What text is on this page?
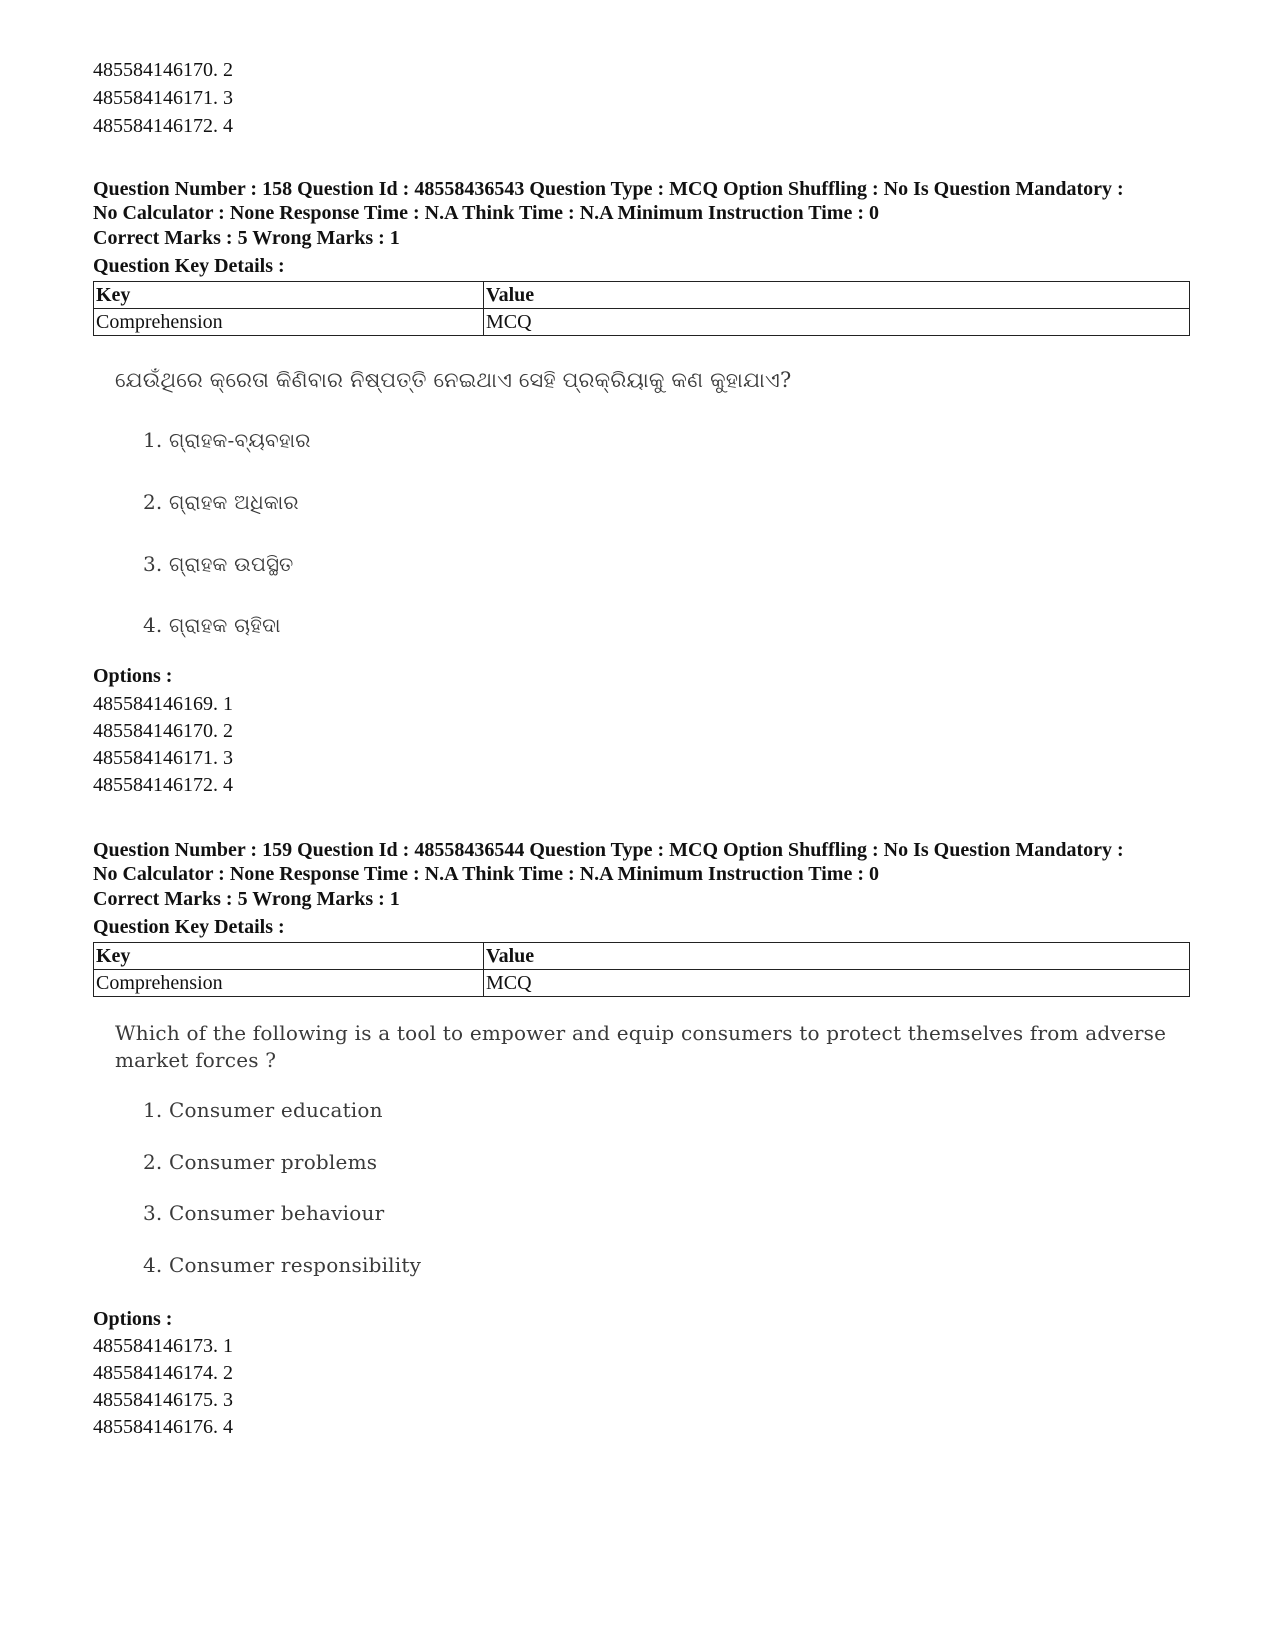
485584146170. 2
485584146171. 3
485584146172. 4
Question Number : 158 Question Id : 48558436543 Question Type : MCQ Option Shuffling : No Is Question Mandatory :
No Calculator : None Response Time : N.A Think Time : N.A Minimum Instruction Time : 0
Correct Marks : 5 Wrong Marks : 1
Question Key Details :
Key	Value
Comprehension	MCQ
ଯେଉଁଥିରେ କ୍ରେତା କିଣିବାର ନିଷ୍ପତ୍ତି ନେଇଥାଏ ସେହି ପ୍ରକ୍ରିୟାକୁ କଣ କୁହାଯାଏ?
1. ଗ୍ରାହକ-ବ୍ୟବହାର
2. ଗ୍ରାହକ ଅଧିକାର
3. ଗ୍ରାହକ ଉପସ୍ଥିତ
4. ଗ୍ରାହକ ଚାହିଦା
Options :
485584146169. 1
485584146170. 2
485584146171. 3
485584146172. 4
Question Number : 159 Question Id : 48558436544 Question Type : MCQ Option Shuffling : No Is Question Mandatory :
No Calculator : None Response Time : N.A Think Time : N.A Minimum Instruction Time : 0
Correct Marks : 5 Wrong Marks : 1
Question Key Details :
Key	Value
Comprehension	MCQ
Which of the following is a tool to empower and equip consumers to protect themselves from adverse market forces ?
1. Consumer education
2. Consumer problems
3. Consumer behaviour
4. Consumer responsibility
Options :
485584146173. 1
485584146174. 2
485584146175. 3
485584146176. 4
